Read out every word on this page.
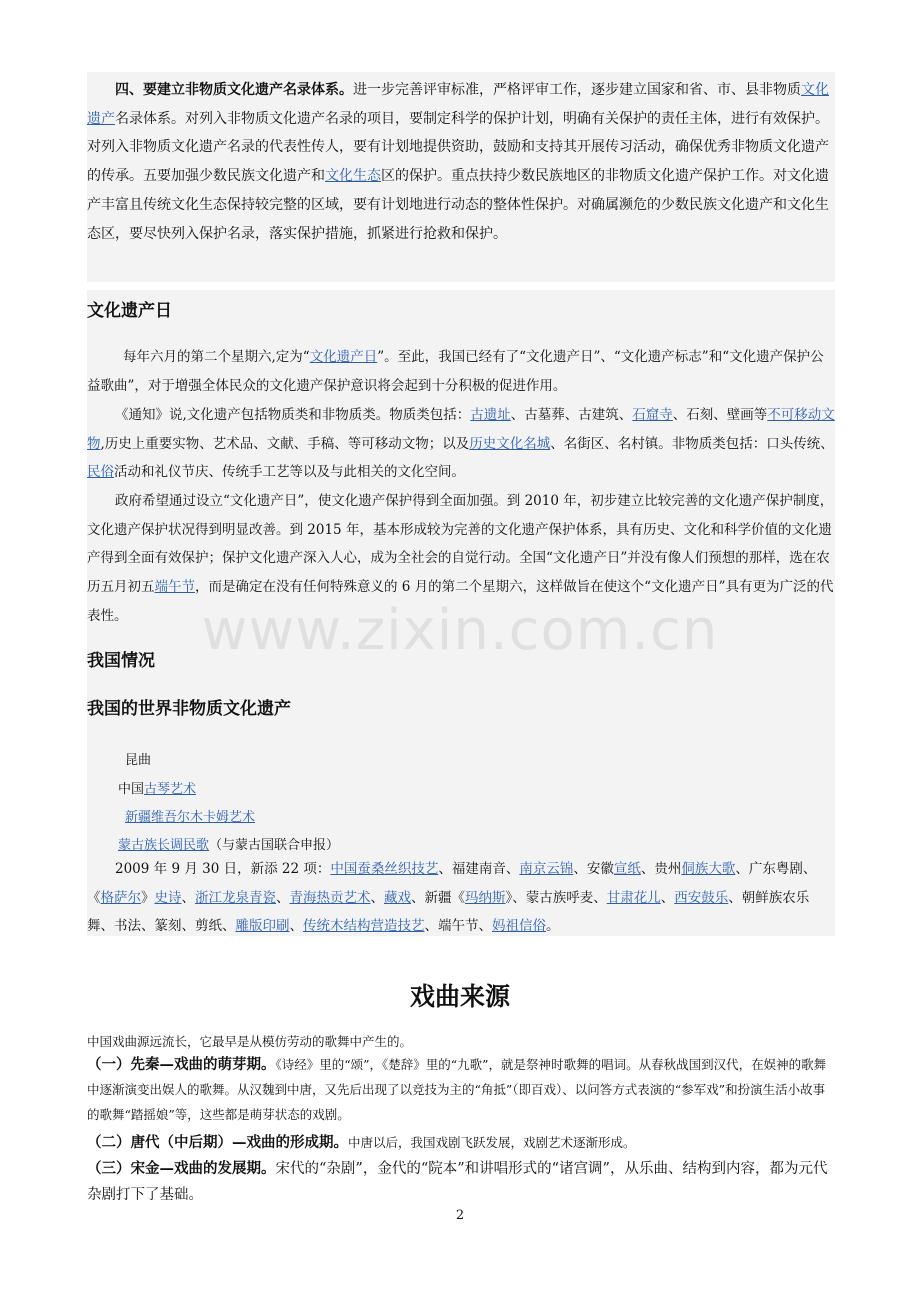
四、要建立非物质文化遗产名录体系。进一步完善评审标准，严格评审工作，逐步建立国家和省、市、县非物质文化遗产名录体系。对列入非物质文化遗产名录的项目，要制定科学的保护计划，明确有关保护的责任主体，进行有效保护。对列入非物质文化遗产名录的代表性传人，要有计划地提供资助，鼓励和支持其开展传习活动，确保优秀非物质文化遗产的传承。五要加强少数民族文化遗产和文化生态区的保护。重点扶持少数民族地区的非物质文化遗产保护工作。对文化遗产丰富且传统文化生态保持较完整的区域，要有计划地进行动态的整体性保护。对确属濒危的少数民族文化遗产和文化生态区，要尽快列入保护名录，落实保护措施，抓紧进行抢救和保护。

文化遗产日

每年六月的第二个星期六,定为“文化遗产日”。至此，我国已经有了“文化遗产日”、“文化遗产标志”和“文化遗产保护公益歌曲”，对于增强全体民众的文化遗产保护意识将会起到十分积极的促进作用。

《通知》说,文化遗产包括物质类和非物质类。物质类包括：古遗址、古墓葬、古建筑、石窟寺、石刻、壁画等不可移动文物,历史上重要实物、艺术品、文献、手稿、等可移动文物；以及历史文化名城、名街区、名村镇。非物质类包括：口头传统、民俗活动和礼仪节庆、传统手工艺等以及与此相关的文化空间。

政府希望通过设立“文化遗产日”，使文化遗产保护得到全面加强。到 2010 年，初步建立比较完善的文化遗产保护制度，文化遗产保护状况得到明显改善。到 2015 年，基本形成较为完善的文化遗产保护体系，具有历史、文化和科学价值的文化遗产得到全面有效保护；保护文化遗产深入人心，成为全社会的自觉行动。全国“文化遗产日”并没有像人们预想的那样，选在农历五月初五端午节，而是确定在没有任何特殊意义的 6 月的第二个星期六，这样做旨在使这个“文化遗产日”具有更为广泛的代表性。

我国情况
我国的世界非物质文化遗产
昆曲
中国古琴艺术
新疆维吾尔木卡姆艺术
蒙古族长调民歌（与蒙古国联合申报）

2009 年 9 月 30 日，新添 22 项：中国蚕桑丝织技艺、福建南音、南京云锦、安徽宣纸、贵州侗族大歌、广东粤剧、《格萨尔》史诗、浙江龙泉青瓷、青海热贡艺术、藏戏、新疆《玛纳斯》、蒙古族呼麦、甘肃花儿、西安鼓乐、朝鲜族农乐舞、书法、篆刻、剪纸、雕版印刷、传统木结构营造技艺、端午节、妈祖信俗。

戏曲来源

中国戏曲源远流长，它最早是从模仿劳动的歌舞中产生的。

（一）先秦—戏曲的萌芽期。《诗经》里的“颂”，《楚辞》里的“九歌”，就是祭神时歌舞的唱词。从春秋战国到汉代，在娱神的歌舞中逐渐演变出娱人的歌舞。从汉魏到中唐，又先后出现了以竞技为主的“角抵”（即百戏）、以问答方式表演的“参军戏”和扮演生活小故事的歌舞“踏摇娘”等，这些都是萌芽状态的戏剧。

（二）唐代（中后期）—戏曲的形成期。中唐以后，我国戏剧飞跃发展，戏剧艺术逐渐形成。

（三）宋金—戏曲的发展期。宋代的“杂剧”，金代的“院本”和讲唱形式的“诸宫调”，从乐曲、结构到内容，都为元代杂剧打下了基础。

2
